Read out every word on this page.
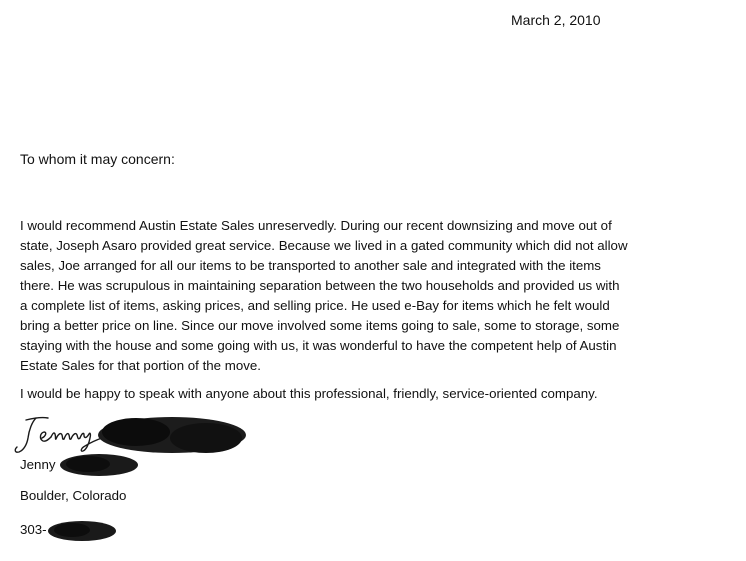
March 2, 2010
To whom it may concern:

I would recommend Austin Estate Sales unreservedly. During our recent downsizing and move out of
state, Joseph Asaro provided great service. Because we lived in a gated community which did not allow
sales, Joe arranged for all our items to be transported to another sale and integrated with the items
there. He was scrupulous in maintaining separation between the two households and provided us with
a complete list of items, asking prices, and selling price. He used e-Bay for items which he felt would
bring a better price on line. Since our move involved some items going to sale, some to storage, some
staying with the house and some going with us, it was wonderful to have the competent help of Austin
Estate Sales for that portion of the move.

I would be happy to speak with anyone about this professional, friendly, service-oriented company.

Jenny
Boulder, Colorado
303-
